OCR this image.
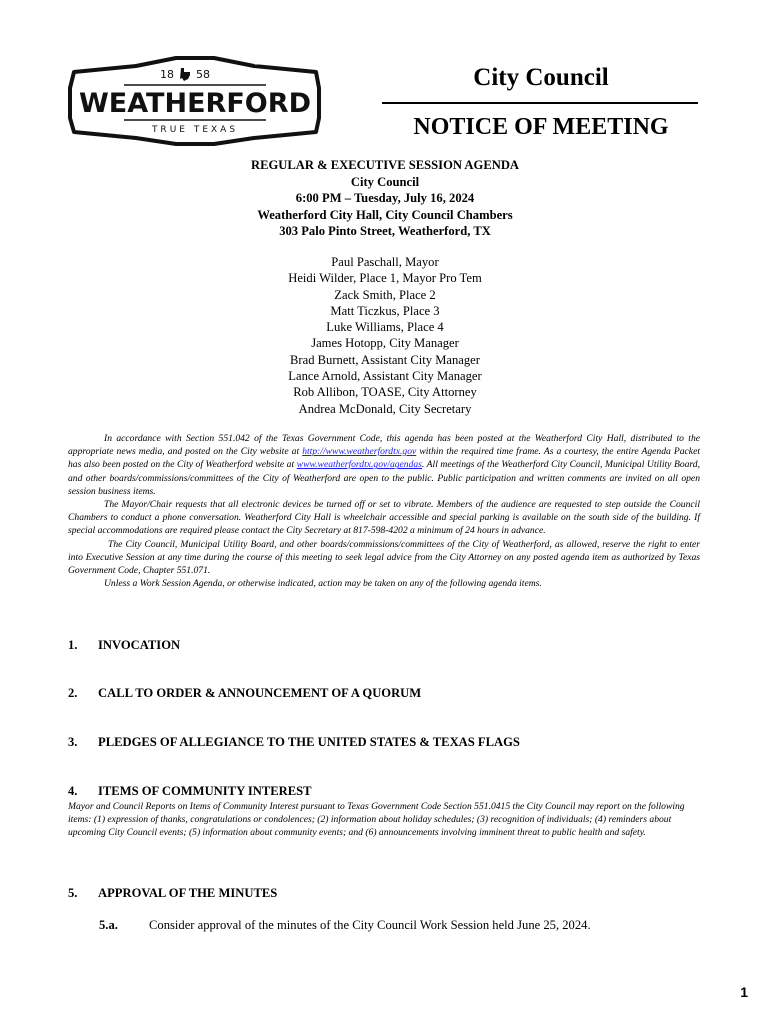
18 58
WEATHERFORD
TRUE TEXAS
City Council
NOTICE OF MEETING
REGULAR & EXECUTIVE SESSION AGENDA
City Council
6:00 PM – Tuesday, July 16, 2024
Weatherford City Hall, City Council Chambers
303 Palo Pinto Street, Weatherford, TX
Paul Paschall, Mayor
Heidi Wilder, Place 1, Mayor Pro Tem
Zack Smith, Place 2
Matt Ticzkus, Place 3
Luke Williams, Place 4
James Hotopp, City Manager
Brad Burnett, Assistant City Manager
Lance Arnold, Assistant City Manager
Rob Allibon, TOASE, City Attorney
Andrea McDonald, City Secretary

In accordance with Section 551.042 of the Texas Government Code, this agenda has been posted at the Weatherford City Hall, distributed to the appropriate news media, and posted on the City website at http://www.weatherfordtx.gov within the required time frame. As a courtesy, the entire Agenda Packet has also been posted on the City of Weatherford website at www.weatherfordtx.gov/agendas. All meetings of the Weatherford City Council, Municipal Utility Board, and other boards/commissions/committees of the City of Weatherford are open to the public. Public participation and written comments are invited on all open session business items.

The Mayor/Chair requests that all electronic devices be turned off or set to vibrate. Members of the audience are requested to step outside the Council Chambers to conduct a phone conversation. Weatherford City Hall is wheelchair accessible and special parking is available on the south side of the building. If special accommodations are required please contact the City Secretary at 817-598-4202 a minimum of 24 hours in advance.

The City Council, Municipal Utility Board, and other boards/commissions/committees of the City of Weatherford, as allowed, reserve the right to enter into Executive Session at any time during the course of this meeting to seek legal advice from the City Attorney on any posted agenda item as authorized by Texas Government Code, Chapter 551.071.

Unless a Work Session Agenda, or otherwise indicated, action may be taken on any of the following agenda items.

1. INVOCATION
2. CALL TO ORDER & ANNOUNCEMENT OF A QUORUM
3. PLEDGES OF ALLEGIANCE TO THE UNITED STATES & TEXAS FLAGS
4. ITEMS OF COMMUNITY INTEREST
Mayor and Council Reports on Items of Community Interest pursuant to Texas Government Code Section 551.0415 the City Council may report on the following items: (1) expression of thanks, congratulations or condolences; (2) information about holiday schedules; (3) recognition of individuals; (4) reminders about upcoming City Council events; (5) information about community events; and (6) announcements involving imminent threat to public health and safety.
5. APPROVAL OF THE MINUTES
5.a. Consider approval of the minutes of the City Council Work Session held June 25, 2024.
1
